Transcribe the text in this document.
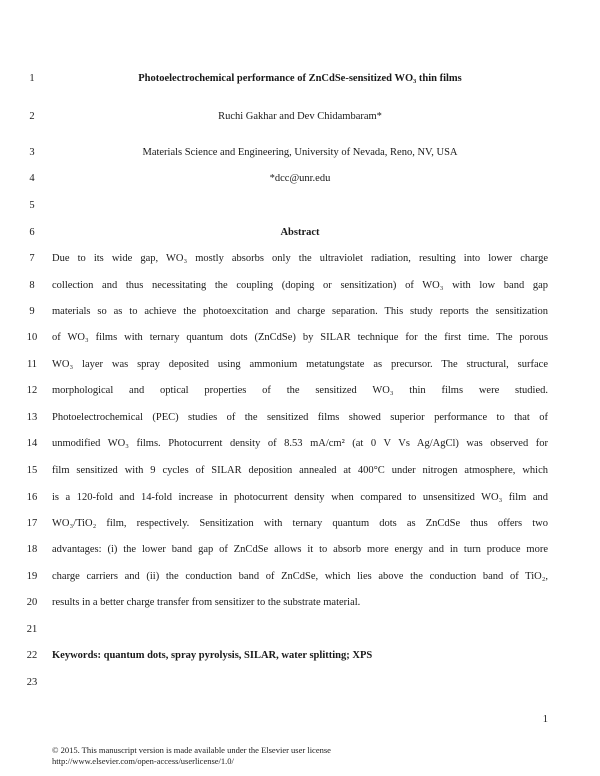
1
2
3
4
5
6
7
8
9
10
11
12
13
14
15
16
17
18
19
20
21
22
23
Photoelectrochemical performance of ZnCdSe-sensitized WO₃ thin films
Ruchi Gakhar and Dev Chidambaram*
Materials Science and Engineering, University of Nevada, Reno, NV, USA
*dcc@unr.edu
Abstract
Due to its wide gap, WO₃ mostly absorbs only the ultraviolet radiation, resulting into lower charge
collection and thus necessitating the coupling (doping or sensitization) of WO₃ with low band gap
materials so as to achieve the photoexcitation and charge separation. This study reports the sensitization
of WO₃ films with ternary quantum dots (ZnCdSe) by SILAR technique for the first time. The porous
WO₃ layer was spray deposited using ammonium metatungstate as precursor. The structural, surface
morphological and optical properties of the sensitized WO₃ thin films were studied.
Photoelectrochemical (PEC) studies of the sensitized films showed superior performance to that of
unmodified WO₃ films. Photocurrent density of 8.53 mA/cm² (at 0 V Vs Ag/AgCl) was observed for
film sensitized with 9 cycles of SILAR deposition annealed at 400°C under nitrogen atmosphere, which
is a 120-fold and 14-fold increase in photocurrent density when compared to unsensitized WO₃ film and
WO₃/TiO₂ film, respectively. Sensitization with ternary quantum dots as ZnCdSe thus offers two
advantages: (i) the lower band gap of ZnCdSe allows it to absorb more energy and in turn produce more
charge carriers and (ii) the conduction band of ZnCdSe, which lies above the conduction band of TiO₂,
results in a better charge transfer from sensitizer to the substrate material.
Keywords: quantum dots, spray pyrolysis, SILAR, water splitting; XPS
1
© 2015. This manuscript version is made available under the Elsevier user license
http://www.elsevier.com/open-access/userlicense/1.0/
